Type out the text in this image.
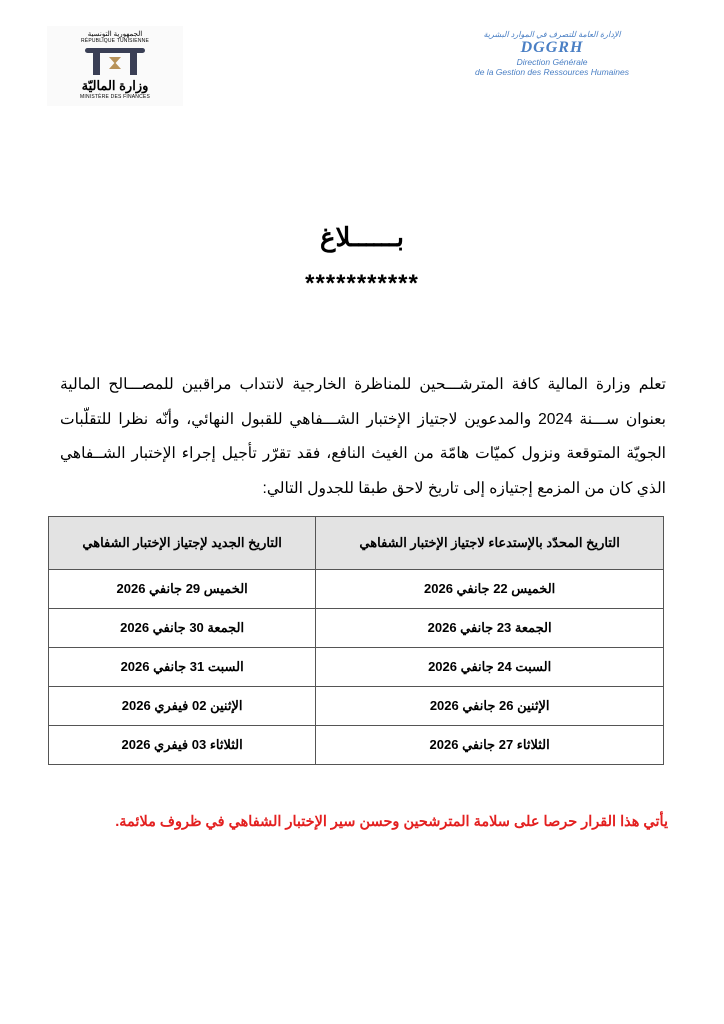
الجمهورية التونسية
RÉPUBLIQUE TUNISIENNE
وزارة الماليّة
MINISTÈRE DES FINANCES
الإدارة العامة للتصرف في الموارد البشرية
DGGRH
Direction Générale
de la Gestion des Ressources Humaines
بــــــلاغ
***********
تعلم وزارة المالية كافة المترشـــحين للمناظرة الخارجية لانتداب مراقبين للمصـــالح المالية بعنوان ســـنة 2024 والمدعوين لاجتياز الإختبار الشـــفاهي للقبول النهائي، وأنّه نظرا للتقلّبات الجويّة المتوقعة ونزول كميّات هامّة من الغيث النافع، فقد تقرّر تأجيل إجراء الإختبار الشــفاهي الذي كان من المزمع إجتيازه إلى تاريخ لاحق طبقا للجدول التالي:
التاريخ المحدّد بالإستدعاء لاجتياز الإختبار الشفاهي	التاريخ الجديد لإجتياز الإختبار الشفاهي
الخميس 22 جانفي 2026	الخميس 29 جانفي 2026
الجمعة 23 جانفي 2026	الجمعة 30 جانفي 2026
السبت 24 جانفي 2026	السبت 31 جانفي 2026
الإثنين 26 جانفي 2026	الإثنين 02 فيفري 2026
الثلاثاء 27 جانفي 2026	الثلاثاء 03 فيفري 2026
يأتي هذا القرار حرصا على سلامة المترشحين وحسن سير الإختبار الشفاهي في ظروف ملائمة.
